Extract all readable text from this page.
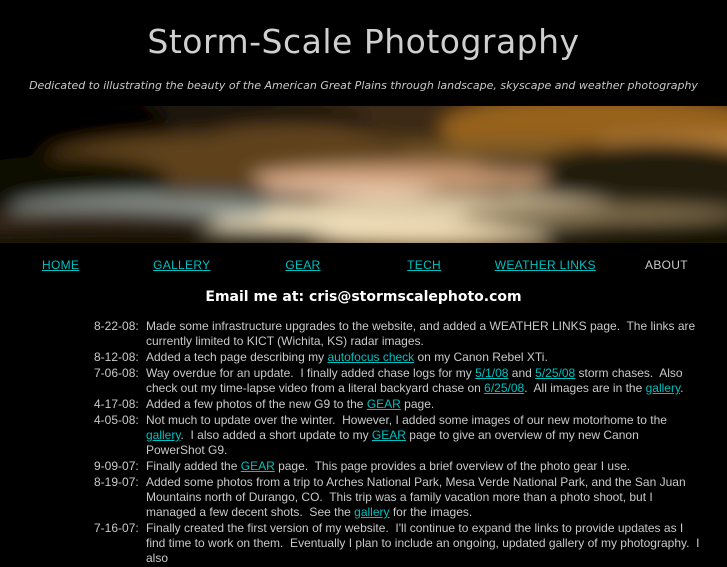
Storm-Scale Photography
Dedicated to illustrating the beauty of the American Great Plains through landscape, skyscape and weather photography
HOME	GALLERY	GEAR	TECH	WEATHER LINKS	ABOUT
Email me at: cris@stormscalephoto.com
8-22-08: Made some infrastructure upgrades to the website, and added a WEATHER LINKS page.  The links are currently limited to KICT (Wichita, KS) radar images.
8-12-08: Added a tech page describing my autofocus check on my Canon Rebel XTi.
7-06-08: Way overdue for an update.  I finally added chase logs for my 5/1/08 and 5/25/08 storm chases.  Also check out my time-lapse video from a literal backyard chase on 6/25/08.  All images are in the gallery.
4-17-08: Added a few photos of the new G9 to the GEAR page.
4-05-08: Not much to update over the winter.  However, I added some images of our new motorhome to the gallery.  I also added a short update to my GEAR page to give an overview of my new Canon PowerShot G9.
9-09-07: Finally added the GEAR page.  This page provides a brief overview of the photo gear I use.
8-19-07: Added some photos from a trip to Arches National Park, Mesa Verde National Park, and the San Juan Mountains north of Durango, CO.  This trip was a family vacation more than a photo shoot, but I managed a few decent shots.  See the gallery for the images.
7-16-07: Finally created the first version of my website.  I'll continue to expand the links to provide updates as I find time to work on them.  Eventually I plan to include an ongoing, updated gallery of my photography.  I also
